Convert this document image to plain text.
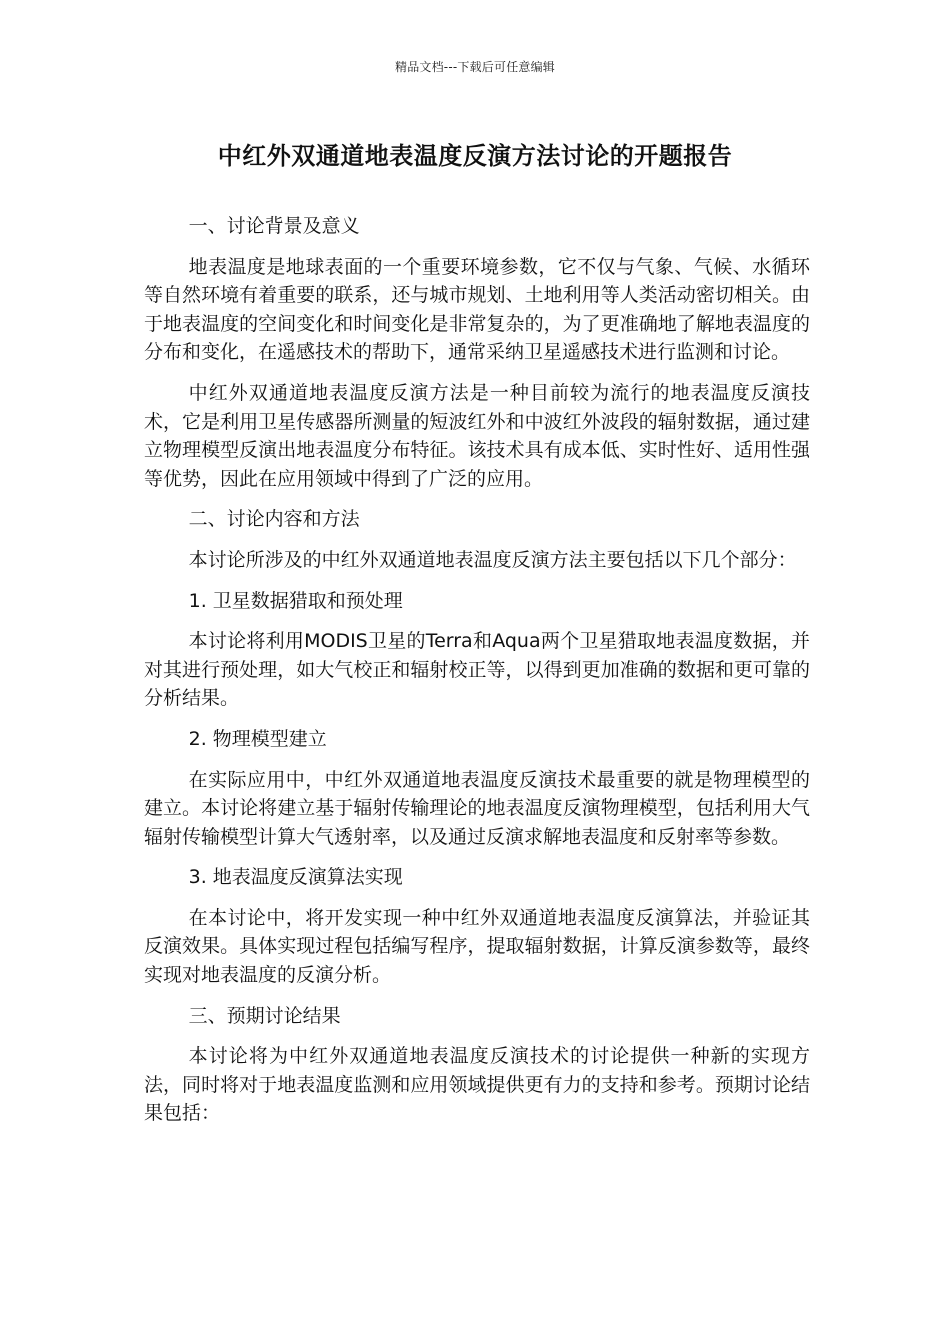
精品文档---下载后可任意编辑
中红外双通道地表温度反演方法讨论的开题报告
一、讨论背景及意义

地表温度是地球表面的一个重要环境参数，它不仅与气象、气候、水循环等自然环境有着重要的联系，还与城市规划、土地利用等人类活动密切相关。由于地表温度的空间变化和时间变化是非常复杂的，为了更准确地了解地表温度的分布和变化，在遥感技术的帮助下，通常采纳卫星遥感技术进行监测和讨论。

中红外双通道地表温度反演方法是一种目前较为流行的地表温度反演技术，它是利用卫星传感器所测量的短波红外和中波红外波段的辐射数据，通过建立物理模型反演出地表温度分布特征。该技术具有成本低、实时性好、适用性强等优势，因此在应用领域中得到了广泛的应用。

二、讨论内容和方法

本讨论所涉及的中红外双通道地表温度反演方法主要包括以下几个部分：

1. 卫星数据猎取和预处理

本讨论将利用MODIS卫星的Terra和Aqua两个卫星猎取地表温度数据，并对其进行预处理，如大气校正和辐射校正等，以得到更加准确的数据和更可靠的分析结果。

2. 物理模型建立

在实际应用中，中红外双通道地表温度反演技术最重要的就是物理模型的建立。本讨论将建立基于辐射传输理论的地表温度反演物理模型，包括利用大气辐射传输模型计算大气透射率，以及通过反演求解地表温度和反射率等参数。

3. 地表温度反演算法实现

在本讨论中，将开发实现一种中红外双通道地表温度反演算法，并验证其反演效果。具体实现过程包括编写程序，提取辐射数据，计算反演参数等，最终实现对地表温度的反演分析。

三、预期讨论结果

本讨论将为中红外双通道地表温度反演技术的讨论提供一种新的实现方法，同时将对于地表温度监测和应用领域提供更有力的支持和参考。预期讨论结果包括：
